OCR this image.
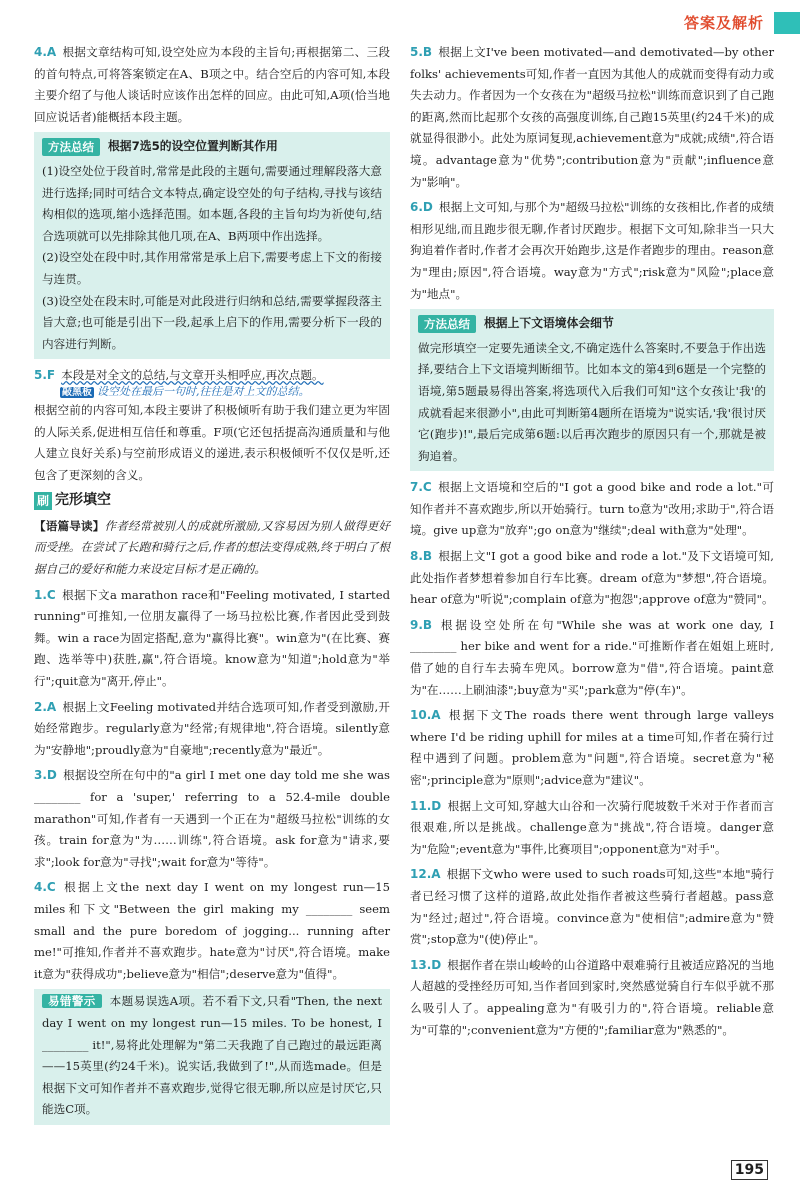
答案及解析
4.A 根据文章结构可知,设空处应为本段的主旨句;再根据第二、三段的首句特点,可将答案锁定在A、B项之中。结合空后的内容可知,本段主要介绍了与他人谈话时应该作出怎样的回应。由此可知,A项(恰当地回应说话者)能概括本段主题。
方法总结	根据7选5的设空位置判断其作用
(1)设空处位于段首时,常常是此段的主题句,需要通过理解段落大意进行选择;同时可结合文本特点,确定设空处的句子结构,寻找与该结构相似的选项,缩小选择范围。如本题,各段的主旨句均为祈使句,结合选项就可以先排除其他几项,在A、B两项中作出选择。
(2)设空处在段中时,其作用常常是承上启下,需要考虑上下文的衔接与连贯。
(3)设空处在段末时,可能是对此段进行归纳和总结,需要掌握段落主旨大意;也可能是引出下一段,起承上启下的作用,需要分析下一段的内容进行判断。
5.F 本段是对全文的总结,与文章开头相呼应,再次点题。
敲黑板 设空处在最后一句时,往往是对上文的总结。
根据空前的内容可知,本段主要讲了积极倾听有助于我们建立更为牢固的人际关系,促进相互信任和尊重。F项(它还包括提高沟通质量和与他人建立良好关系)与空前形成语义的递进,表示积极倾听不仅仅是听,还包含了更深刻的含义。
刷 完形填空
【语篇导读】作者经常被别人的成就所激励,又容易因为别人做得更好而受挫。在尝试了长跑和骑行之后,作者的想法变得成熟,终于明白了根据自己的爱好和能力来设定目标才是正确的。
1.C 根据下文a marathon race和"Feeling motivated, I started running"可推知,一位朋友赢得了一场马拉松比赛,作者因此受到鼓舞。win a race为固定搭配,意为"赢得比赛"。win意为"(在比赛、赛跑、选举等中)获胜,赢",符合语境。know意为"知道";hold意为"举行";quit意为"离开,停止"。
2.A 根据上文Feeling motivated并结合选项可知,作者受到激励,开始经常跑步。regularly意为"经常;有规律地",符合语境。silently意为"安静地";proudly意为"自豪地";recently意为"最近"。
3.D 根据设空所在句中的"a girl I met one day told me she was ________ for a 'super,' referring to a 52.4-mile double marathon"可知,作者有一天遇到一个正在为"超级马拉松"训练的女孩。train for意为"为……训练",符合语境。ask for意为"请求,要求";look for意为"寻找";wait for意为"等待"。
4.C 根据上文the next day I went on my longest run—15 miles和下文"Between the girl making my ________ seem small and the pure boredom of jogging... running after me!"可推知,作者并不喜欢跑步。hate意为"讨厌",符合语境。make it意为"获得成功";believe意为"相信";deserve意为"值得"。
易错警示 本题易误选A项。若不看下文,只看"Then, the next day I went on my longest run—15 miles. To be honest, I ________ it!",易将此处理解为"第二天我跑了自己跑过的最远距离——15英里(约24千米)。说实话,我做到了!",从而选made。但是根据下文可知作者并不喜欢跑步,觉得它很无聊,所以应是讨厌它,只能选C项。
5.B 根据上文I've been motivated—and demotivated—by other folks' achievements可知,作者一直因为其他人的成就而变得有动力或失去动力。作者因为一个女孩在为"超级马拉松"训练而意识到了自己跑的距离,然而比起那个女孩的高强度训练,自己跑15英里(约24千米)的成就显得很渺小。此处为原词复现,achievement意为"成就;成绩",符合语境。advantage意为"优势";contribution意为"贡献";influence意为"影响"。
6.D 根据上文可知,与那个为"超级马拉松"训练的女孩相比,作者的成绩相形见绌,而且跑步很无聊,作者讨厌跑步。根据下文可知,除非当一只大狗追着作者时,作者才会再次开始跑步,这是作者跑步的理由。reason意为"理由;原因",符合语境。way意为"方式";risk意为"风险";place意为"地点"。
方法总结	根据上下文语境体会细节
做完形填空一定要先通读全文,不确定选什么答案时,不要急于作出选择,要结合上下文语境判断细节。比如本文的第4到6题是一个完整的语境,第5题最易得出答案,将选项代入后我们可知"这个女孩让'我'的成就看起来很渺小",由此可判断第4题所在语境为"说实话,'我'很讨厌它(跑步)!",最后完成第6题:以后再次跑步的原因只有一个,那就是被狗追着。
7.C 根据上文语境和空后的"I got a good bike and rode a lot."可知作者并不喜欢跑步,所以开始骑行。turn to意为"改用;求助于",符合语境。give up意为"放弃";go on意为"继续";deal with意为"处理"。
8.B 根据上文"I got a good bike and rode a lot."及下文语境可知,此处指作者梦想着参加自行车比赛。dream of意为"梦想",符合语境。hear of意为"听说";complain of意为"抱怨";approve of意为"赞同"。
9.B 根据设空处所在句"While she was at work one day, I ________ her bike and went for a ride."可推断作者在姐姐上班时,借了她的自行车去骑车兜风。borrow意为"借",符合语境。paint意为"在……上刷油漆";buy意为"买";park意为"停(车)"。
10.A 根据下文The roads there went through large valleys where I'd be riding uphill for miles at a time可知,作者在骑行过程中遇到了问题。problem意为"问题",符合语境。secret意为"秘密";principle意为"原则";advice意为"建议"。
11.D 根据上文可知,穿越大山谷和一次骑行爬坡数千米对于作者而言很艰难,所以是挑战。challenge意为"挑战",符合语境。danger意为"危险";event意为"事件,比赛项目";opponent意为"对手"。
12.A 根据下文who were used to such roads可知,这些"本地"骑行者已经习惯了这样的道路,故此处指作者被这些骑行者超越。pass意为"经过;超过",符合语境。convince意为"使相信";admire意为"赞赏";stop意为"(使)停止"。
13.D 根据作者在崇山峻岭的山谷道路中艰难骑行且被适应路况的当地人超越的受挫经历可知,当作者回到家时,突然感觉骑自行车似乎就不那么吸引人了。appealing意为"有吸引力的",符合语境。reliable意为"可靠的";convenient意为"方便的";familiar意为"熟悉的"。
195
